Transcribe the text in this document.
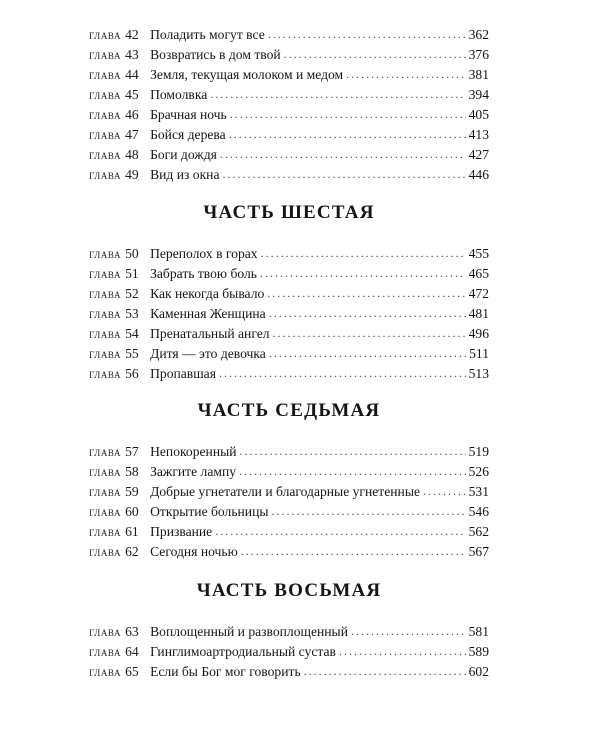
глава 42 Поладить могут все . . .	362
глава 43 Возвратись в дом твой . . .	376
глава 44 Земля, текущая молоком и медом . . .	381
глава 45 Помолвка . . .	394
глава 46 Брачная ночь . . .	405
глава 47 Бойся дерева . . .	413
глава 48 Боги дождя . . .	427
глава 49 Вид из окна . . .	446
ЧАСТЬ ШЕСТАЯ
глава 50 Переполох в горах . . .	455
глава 51 Забрать твою боль . . .	465
глава 52 Как некогда бывало . . .	472
глава 53 Каменная Женщина . . .	481
глава 54 Пренатальный ангел . . .	496
глава 55 Дитя — это девочка . . .	511
глава 56 Пропавшая . . .	513
ЧАСТЬ СЕДЬМАЯ
глава 57 Непокоренный . . .	519
глава 58 Зажгите лампу . . .	526
глава 59 Добрые угнетатели и благодарные угнетенные . . .	531
глава 60 Открытие больницы . . .	546
глава 61 Призвание . . .	562
глава 62 Сегодня ночью . . .	567
ЧАСТЬ ВОСЬМАЯ
глава 63 Воплощенный и развоплощенный . . .	581
глава 64 Гинглимоартродиальный сустав . . .	589
глава 65 Если бы Бог мог говорить . . .	602
